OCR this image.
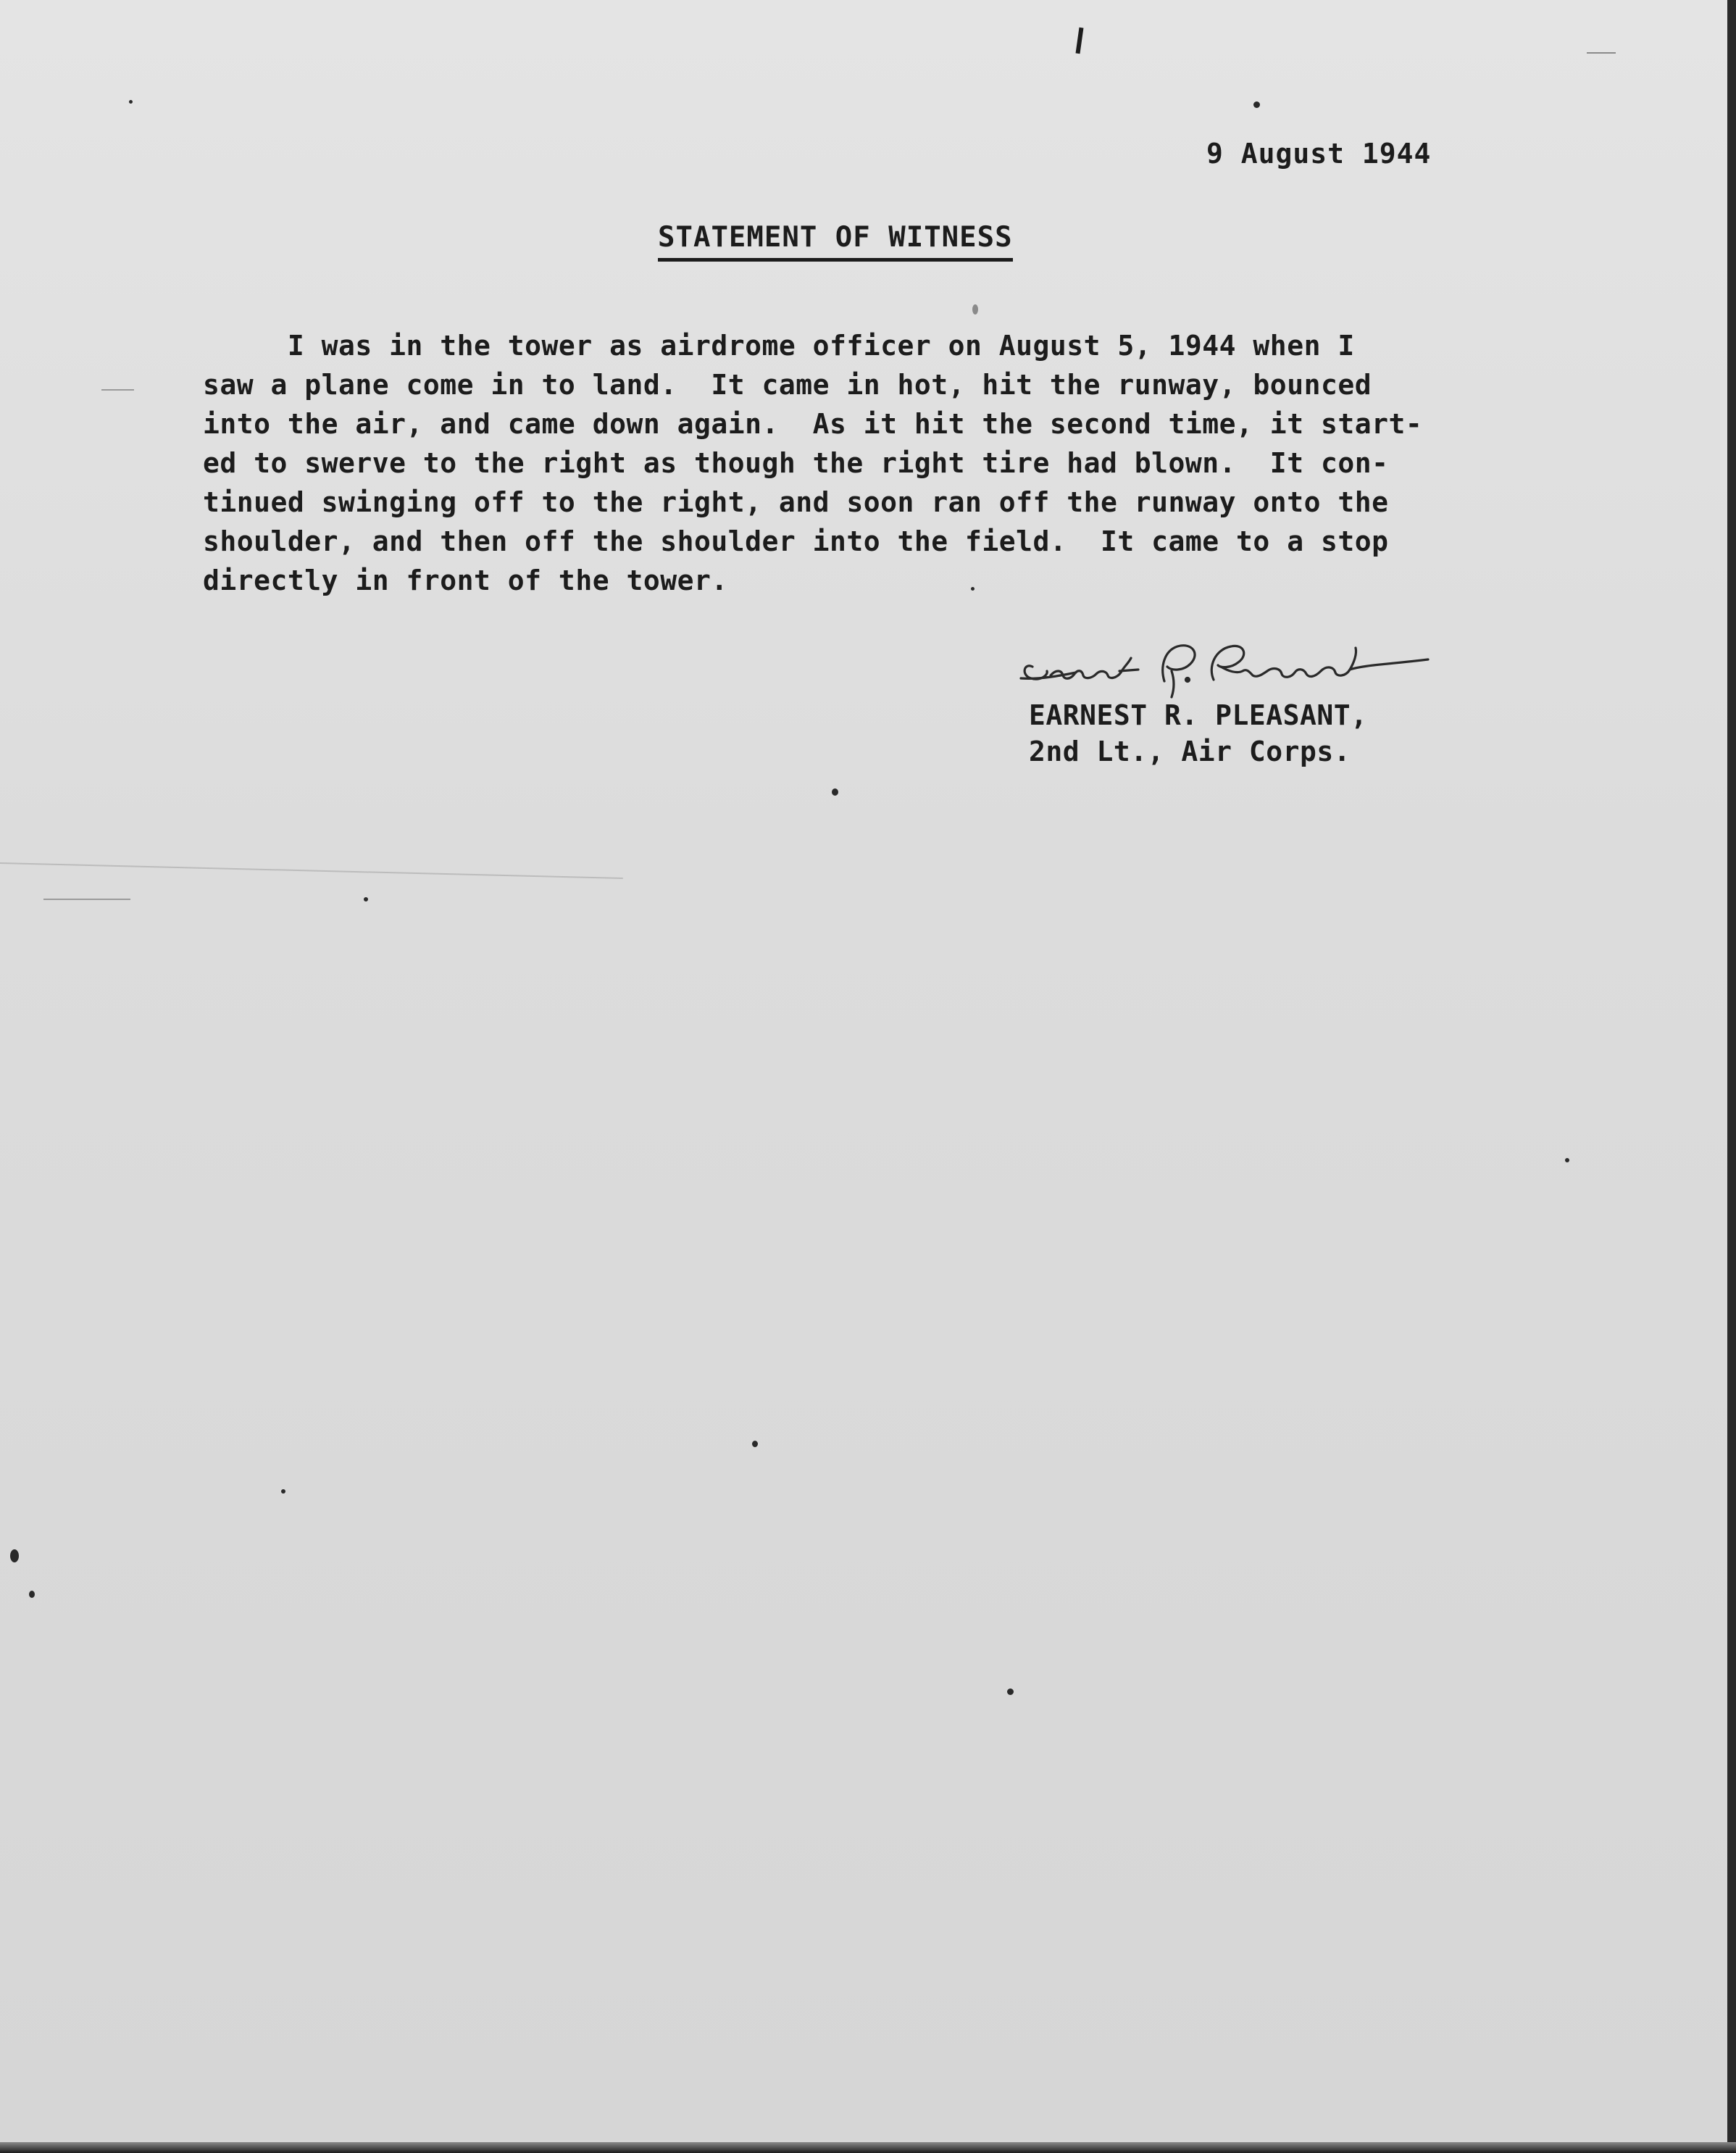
9 August 1944
STATEMENT OF WITNESS

I was in the tower as airdrome officer on August 5, 1944 when I
saw a plane come in to land.  It came in hot, hit the runway, bounced
into the air, and came down again.  As it hit the second time, it start-
ed to swerve to the right as though the right tire had blown.  It con-
tinued swinging off to the right, and soon ran off the runway onto the
shoulder, and then off the shoulder into the field.  It came to a stop
directly in front of the tower.

EARNEST R. PLEASANT,
2nd Lt., Air Corps.
